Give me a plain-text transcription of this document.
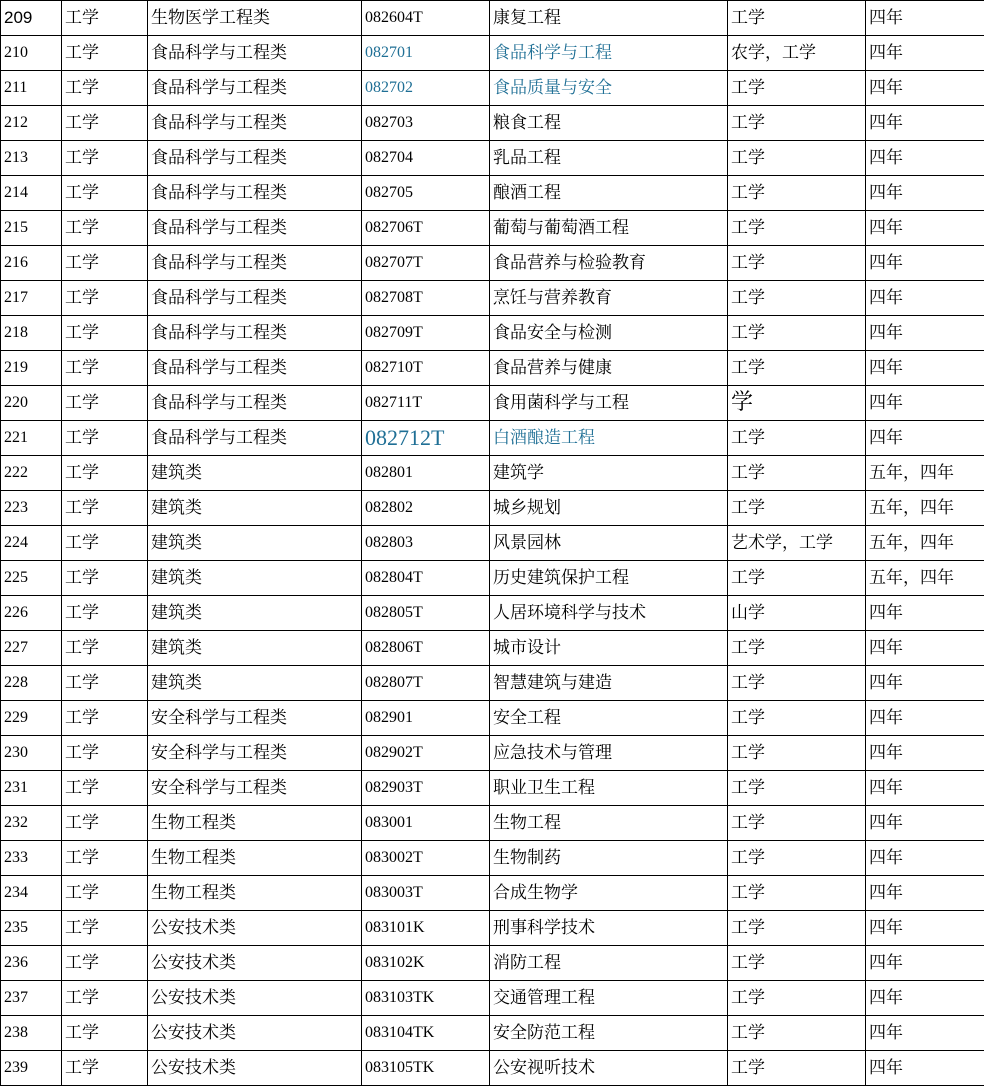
209	工学	生物医学工程类	082604T	康复工程	工学	四年
210	工学	食品科学与工程类	082701	食品科学与工程	农学，工学	四年
211	工学	食品科学与工程类	082702	食品质量与安全	工学	四年
212	工学	食品科学与工程类	082703	粮食工程	工学	四年
213	工学	食品科学与工程类	082704	乳品工程	工学	四年
214	工学	食品科学与工程类	082705	酿酒工程	工学	四年
215	工学	食品科学与工程类	082706T	葡萄与葡萄酒工程	工学	四年
216	工学	食品科学与工程类	082707T	食品营养与检验教育	工学	四年
217	工学	食品科学与工程类	082708T	烹饪与营养教育	工学	四年
218	工学	食品科学与工程类	082709T	食品安全与检测	工学	四年
219	工学	食品科学与工程类	082710T	食品营养与健康	工学	四年
220	工学	食品科学与工程类	082711T	食用菌科学与工程	学	四年
221	工学	食品科学与工程类	082712T	白酒酿造工程	工学	四年
222	工学	建筑类	082801	建筑学	工学	五年，四年
223	工学	建筑类	082802	城乡规划	工学	五年，四年
224	工学	建筑类	082803	风景园林	艺术学，工学	五年，四年
225	工学	建筑类	082804T	历史建筑保护工程	工学	五年，四年
226	工学	建筑类	082805T	人居环境科学与技术	山学	四年
227	工学	建筑类	082806T	城市设计	工学	四年
228	工学	建筑类	082807T	智慧建筑与建造	工学	四年
229	工学	安全科学与工程类	082901	安全工程	工学	四年
230	工学	安全科学与工程类	082902T	应急技术与管理	工学	四年
231	工学	安全科学与工程类	082903T	职业卫生工程	工学	四年
232	工学	生物工程类	083001	生物工程	工学	四年
233	工学	生物工程类	083002T	生物制药	工学	四年
234	工学	生物工程类	083003T	合成生物学	工学	四年
235	工学	公安技术类	083101K	刑事科学技术	工学	四年
236	工学	公安技术类	083102K	消防工程	工学	四年
237	工学	公安技术类	083103TK	交通管理工程	工学	四年
238	工学	公安技术类	083104TK	安全防范工程	工学	四年
239	工学	公安技术类	083105TK	公安视听技术	工学	四年
